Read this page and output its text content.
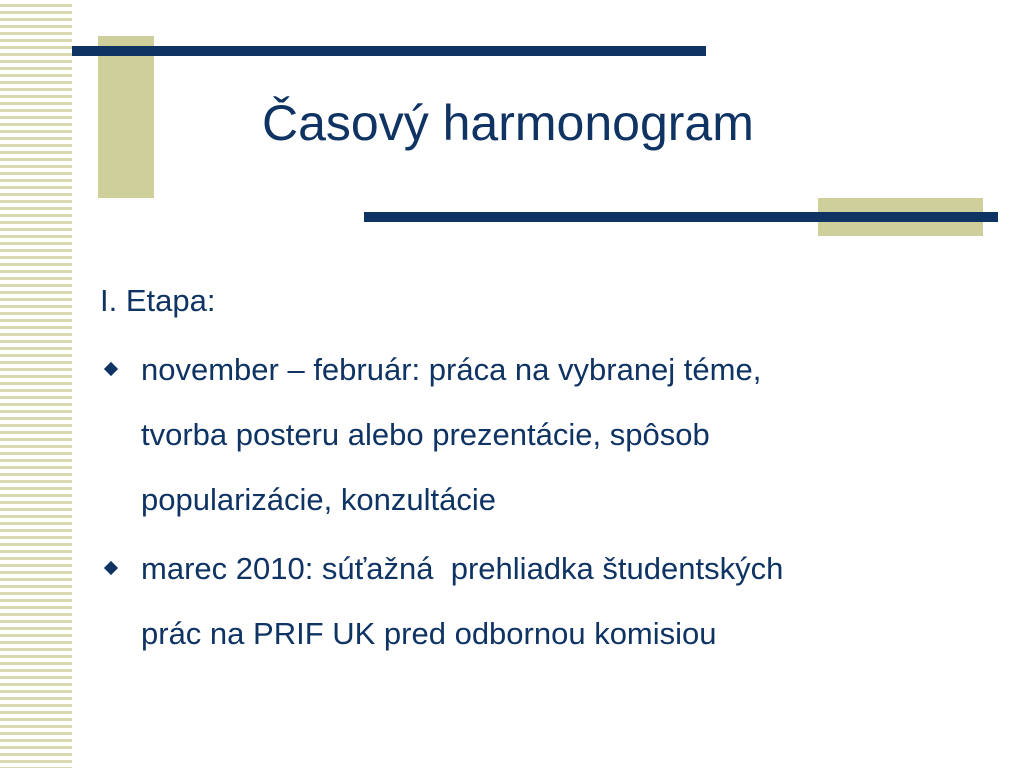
Časový harmonogram
I. Etapa:
november – február: práca na vybranej téme,
tvorba posteru alebo prezentácie, spôsob
popularizácie, konzultácie
marec 2010: súťažná  prehliadka študentských
prác na PRIF UK pred odbornou komisiou
